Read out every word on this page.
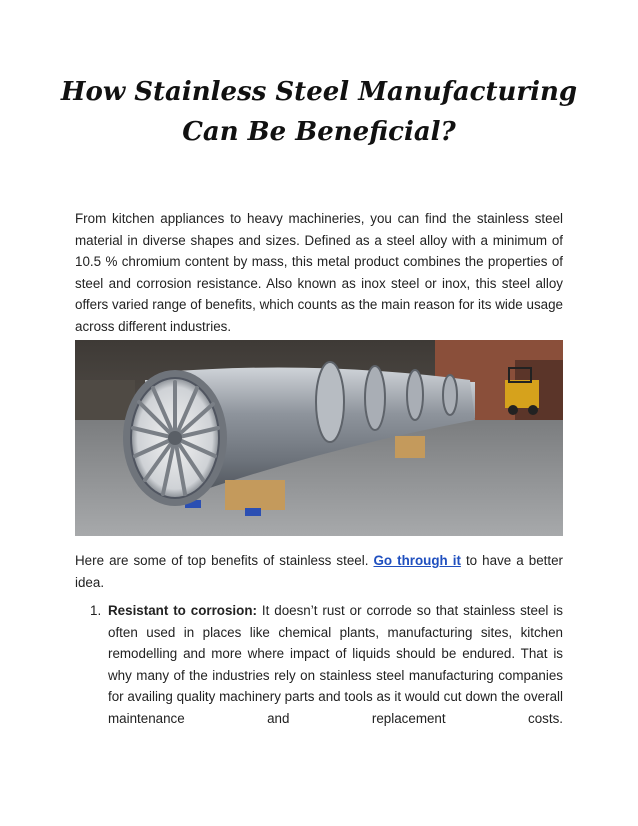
How Stainless Steel Manufacturing Can Be Beneficial?

From kitchen appliances to heavy machineries, you can find the stainless steel material in diverse shapes and sizes. Defined as a steel alloy with a minimum of 10.5 % chromium content by mass, this metal product combines the properties of steel and corrosion resistance. Also known as inox steel or inox, this steel alloy offers varied range of benefits, which counts as the main reason for its wide usage across different industries.

Here are some of top benefits of stainless steel. Go through it to have a better idea.

1. Resistant to corrosion: It doesn’t rust or corrode so that stainless steel is often used in places like chemical plants, manufacturing sites, kitchen remodelling and more where impact of liquids should be endured. That is why many of the industries rely on stainless steel manufacturing companies for availing quality machinery parts and tools as it would cut down the overall maintenance and replacement costs.
